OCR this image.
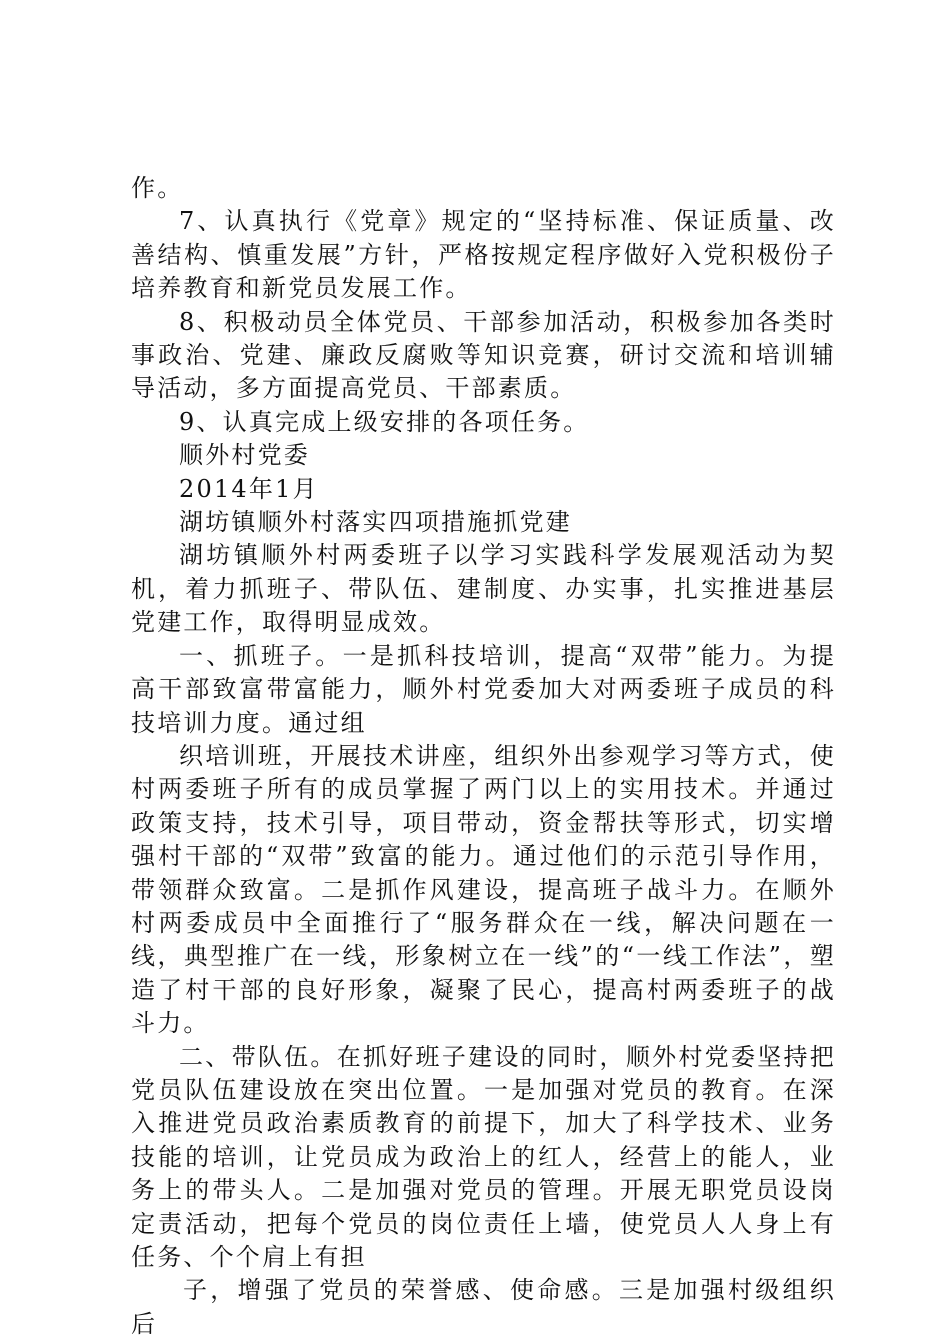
作。

7、认真执行《党章》规定的“坚持标准、保证质量、改善结构、慎重发展”方针，严格按规定程序做好入党积极份子培养教育和新党员发展工作。

8、积极动员全体党员、干部参加活动，积极参加各类时事政治、党建、廉政反腐败等知识竞赛，研讨交流和培训辅导活动，多方面提高党员、干部素质。

9、认真完成上级安排的各项任务。

顺外村党委

2014年1月

湖坊镇顺外村落实四项措施抓党建

湖坊镇顺外村两委班子以学习实践科学发展观活动为契机，着力抓班子、带队伍、建制度、办实事，扎实推进基层党建工作，取得明显成效。

一、抓班子。一是抓科技培训，提高“双带”能力。为提高干部致富带富能力，顺外村党委加大对两委班子成员的科技培训力度。通过组

织培训班，开展技术讲座，组织外出参观学习等方式，使村两委班子所有的成员掌握了两门以上的实用技术。并通过政策支持，技术引导，项目带动，资金帮扶等形式，切实增强村干部的“双带”致富的能力。通过他们的示范引导作用，带领群众致富。二是抓作风建设，提高班子战斗力。在顺外村两委成员中全面推行了“服务群众在一线，解决问题在一线，典型推广在一线，形象树立在一线”的“一线工作法”，塑造了村干部的良好形象，凝聚了民心，提高村两委班子的战斗力。

二、带队伍。在抓好班子建设的同时，顺外村党委坚持把党员队伍建设放在突出位置。一是加强对党员的教育。在深入推进党员政治素质教育的前提下，加大了科学技术、业务技能的培训，让党员成为政治上的红人，经营上的能人，业务上的带头人。二是加强对党员的管理。开展无职党员设岗定责活动，把每个党员的岗位责任上墙，使党员人人身上有任务、个个肩上有担

子，增强了党员的荣誉感、使命感。三是加强村级组织后
